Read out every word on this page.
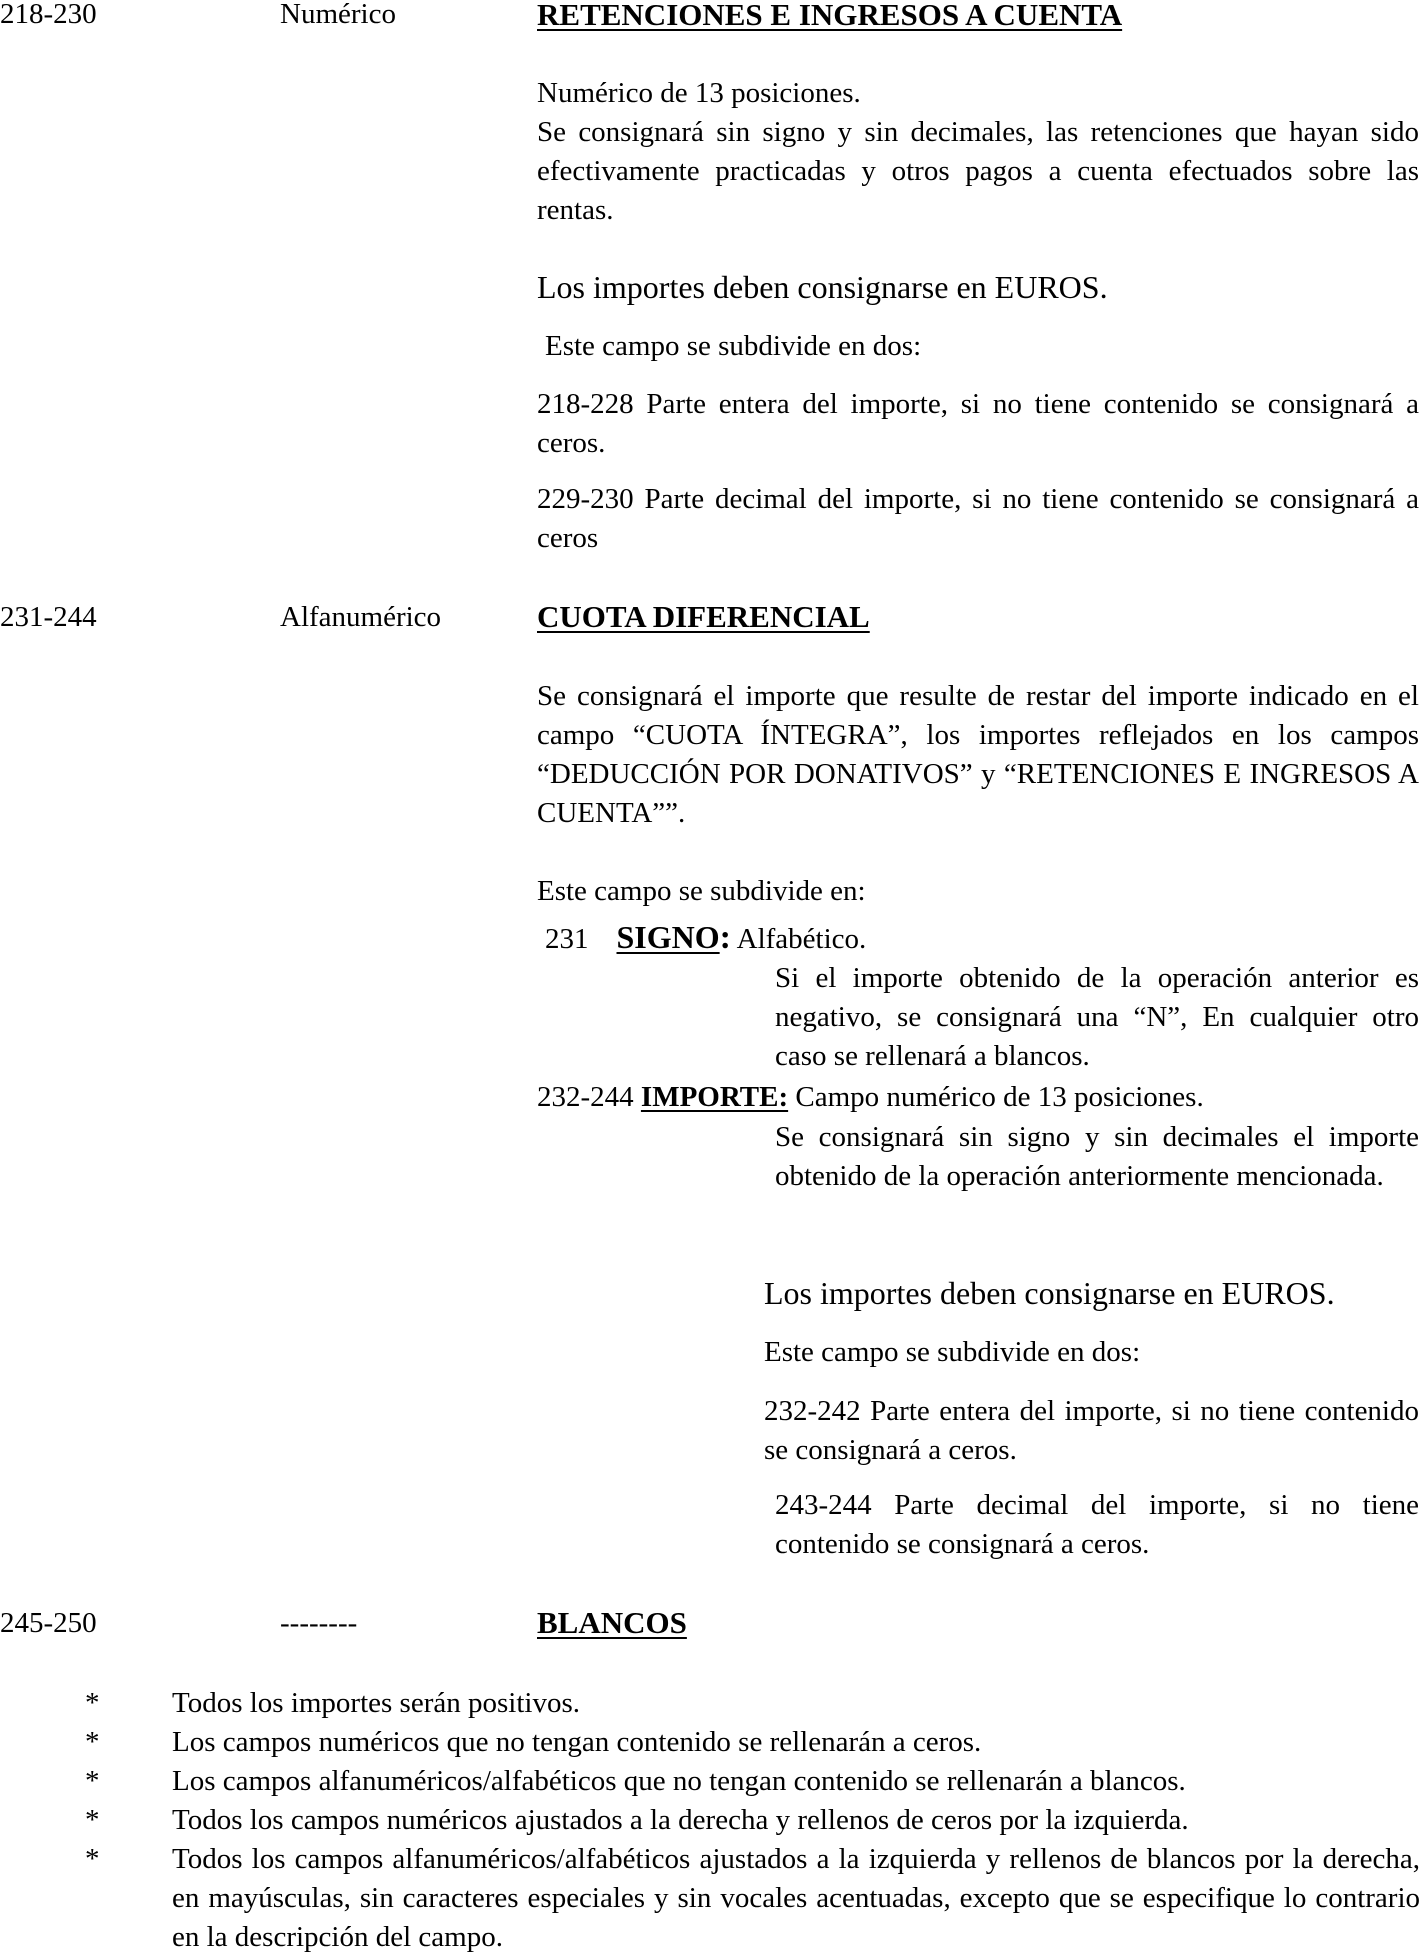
218-230	Numérico	RETENCIONES E INGRESOS A CUENTA
Numérico de 13 posiciones.
Se consignará sin signo y sin decimales, las retenciones que hayan sido efectivamente practicadas y otros pagos a cuenta efectuados sobre las rentas.
Los importes deben consignarse en EUROS.
Este campo se subdivide en dos:
218-228 Parte entera del importe, si no tiene contenido se consignará a ceros.
229-230 Parte decimal del importe, si no tiene contenido se consignará a ceros
231-244	Alfanumérico	CUOTA DIFERENCIAL
Se consignará el importe que resulte de restar del importe indicado en el campo “CUOTA ÍNTEGRA”, los importes reflejados en los campos “DEDUCCIÓN POR DONATIVOS” y “RETENCIONES E INGRESOS A CUENTA””.
Este campo se subdivide en:
231 SIGNO: Alfabético.
Si el importe obtenido de la operación anterior es negativo, se consignará una “N”, En cualquier otro caso se rellenará a blancos.
232-244 IMPORTE: Campo numérico de 13 posiciones.
Se consignará sin signo y sin decimales el importe obtenido de la operación anteriormente mencionada.
Los importes deben consignarse en EUROS.
Este campo se subdivide en dos:
232-242 Parte entera del importe, si no tiene contenido se consignará a ceros.
243-244 Parte decimal del importe, si no tiene contenido se consignará a ceros.
245-250	--------	BLANCOS
*	Todos los importes serán positivos.
*	Los campos numéricos que no tengan contenido se rellenarán a ceros.
*	Los campos alfanuméricos/alfabéticos que no tengan contenido se rellenarán a blancos.
*	Todos los campos numéricos ajustados a la derecha y rellenos de ceros por la izquierda.
*	Todos los campos alfanuméricos/alfabéticos ajustados a la izquierda y rellenos de blancos por la derecha, en mayúsculas, sin caracteres especiales y sin vocales acentuadas, excepto que se especifique lo contrario en la descripción del campo.
